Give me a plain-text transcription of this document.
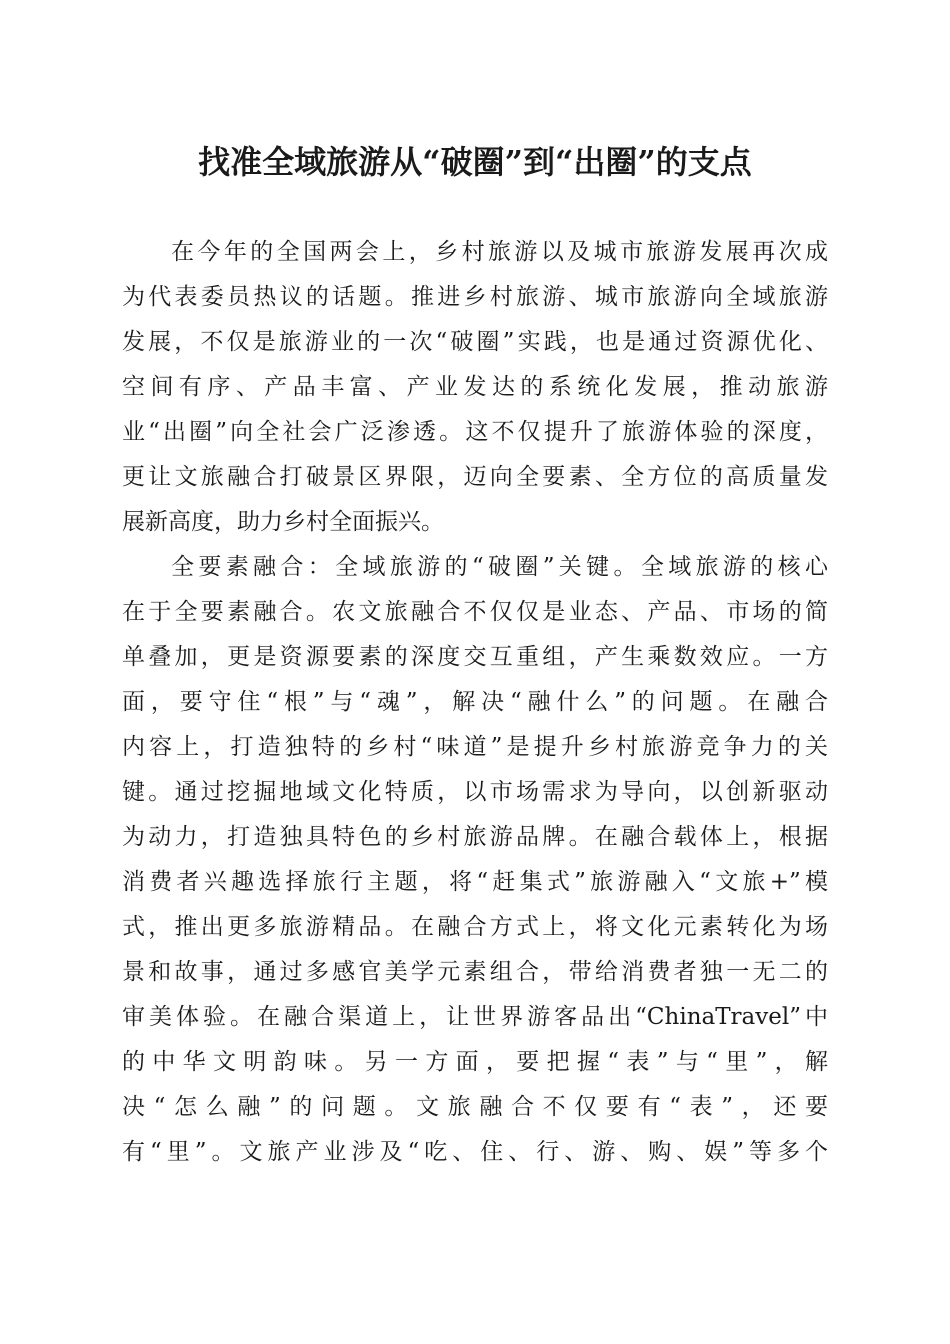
找准全域旅游从“破圈”到“出圈”的支点

在今年的全国两会上，乡村旅游以及城市旅游发展再次成

为代表委员热议的话题。推进乡村旅游、城市旅游向全域旅游

发展，不仅是旅游业的一次“破圈”实践，也是通过资源优化、

空间有序、产品丰富、产业发达的系统化发展，推动旅游

业“出圈”向全社会广泛渗透。这不仅提升了旅游体验的深度，

更让文旅融合打破景区界限，迈向全要素、全方位的高质量发

展新高度，助力乡村全面振兴。

全要素融合：全域旅游的“破圈”关键。全域旅游的核心

在于全要素融合。农文旅融合不仅仅是业态、产品、市场的简

单叠加，更是资源要素的深度交互重组，产生乘数效应。一方

面，要守住“根”与“魂”，解决“融什么”的问题。在融合

内容上，打造独特的乡村“味道”是提升乡村旅游竞争力的关

键。通过挖掘地域文化特质，以市场需求为导向，以创新驱动

为动力，打造独具特色的乡村旅游品牌。在融合载体上，根据

消费者兴趣选择旅行主题，将“赶集式”旅游融入“文旅+”模

式，推出更多旅游精品。在融合方式上，将文化元素转化为场

景和故事，通过多感官美学元素组合，带给消费者独一无二的

审美体验。在融合渠道上，让世界游客品出“ChinaTravel”中

的中华文明韵味。另一方面，要把握“表”与“里”，解

决“怎么融”的问题。文旅融合不仅要有“表”，还要

有“里”。文旅产业涉及“吃、住、行、游、购、娱”等多个
